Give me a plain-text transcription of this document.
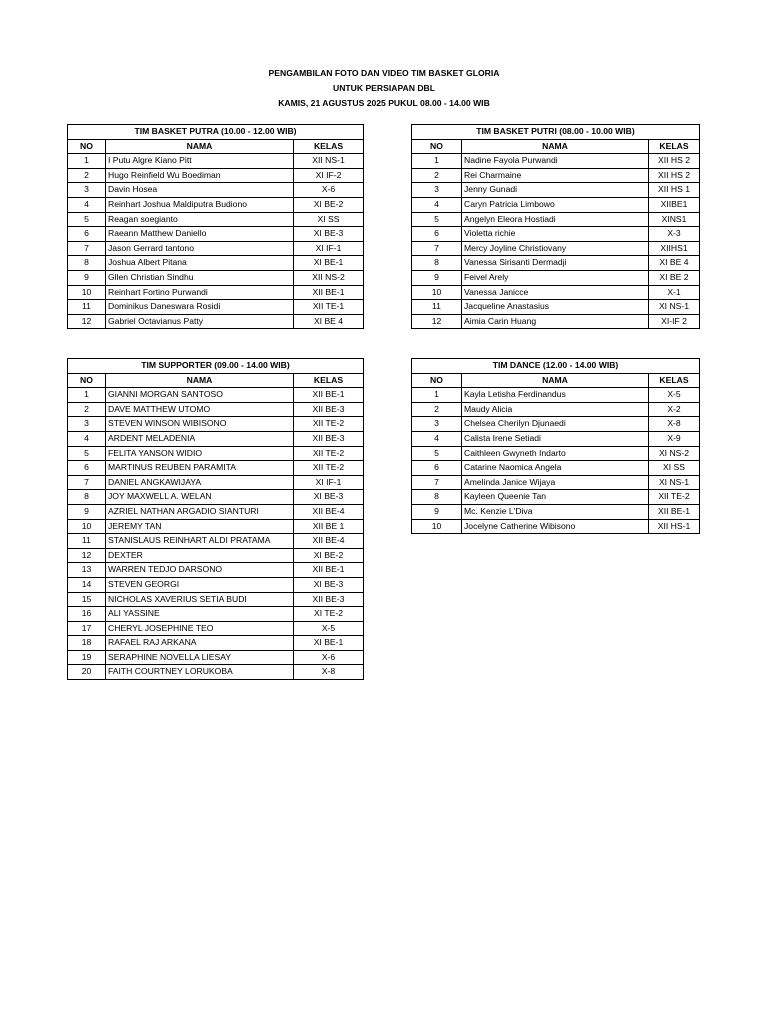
PENGAMBILAN FOTO DAN VIDEO TIM BASKET GLORIA
UNTUK PERSIAPAN DBL
KAMIS, 21 AGUSTUS 2025 PUKUL 08.00 - 14.00 WIB
TIM BASKET PUTRA (10.00 - 12.00 WIB)		
NO	NAMA	KELAS
1	I Putu Algre Kiano Pitt	XII NS-1
2	Hugo Reinfield Wu Boediman	XI IF-2
3	Davin Hosea	X-6
4	Reinhart Joshua Maldiputra Budiono	XI BE-2
5	Reagan soegianto	XI SS
6	Raeann Matthew Daniello	XI BE-3
7	Jason Gerrard tantono	XI IF-1
8	Joshua Albert Pitana	XI BE-1
9	Gllen Christian Sindhu	XII NS-2
10	Reinhart Fortino Purwandi	XII BE-1
11	Dominikus Daneswara Rosidi	XII TE-1
12	Gabriel Octavianus Patty	XI BE 4
TIM BASKET PUTRI (08.00 - 10.00 WIB)		
NO	NAMA	KELAS
1	Nadine Fayola Purwandi	XII HS 2
2	Rei Charmaine	XII HS 2
3	Jenny Gunadi	XII HS 1
4	Caryn Patricia Limbowo	XIIBE1
5	Angelyn Eleora Hostiadi	XINS1
6	Violetta richie	X-3
7	Mercy Joyline Christiovany	XIIHS1
8	Vanessa Sirisanti Dermadji	XI BE 4
9	Feivel Arely	XI BE 2
10	Vanessa Janicce	X-1
11	Jacqueline Anastasius	XI NS-1
12	Aimia Carin Huang	XI-IF 2
TIM SUPPORTER (09.00 - 14.00 WIB)		
NO	NAMA	KELAS
1	GIANNI MORGAN SANTOSO	XII BE-1
2	DAVE MATTHEW UTOMO	XII BE-3
3	STEVEN WINSON WIBISONO	XII TE-2
4	ARDENT MELADENIA	XII BE-3
5	FELITA YANSON WIDIO	XII TE-2
6	MARTINUS REUBEN PARAMITA	XII TE-2
7	DANIEL ANGKAWIJAYA	XI IF-1
8	JOY MAXWELL A. WELAN	XI BE-3
9	AZRIEL NATHAN ARGADIO SIANTURI	XII BE-4
10	JEREMY TAN	XII BE 1
11	STANISLAUS REINHART ALDI PRATAMA	XII BE-4
12	DEXTER	XI BE-2
13	WARREN TEDJO DARSONO	XII BE-1
14	STEVEN GEORGI	XI BE-3
15	NICHOLAS XAVERIUS SETIA BUDI	XII BE-3
16	ALI YASSINE	XI TE-2
17	CHERYL JOSEPHINE TEO	X-5
18	RAFAEL RAJ ARKANA	XI BE-1
19	SERAPHINE NOVELLA LIESAY	X-6
20	FAITH COURTNEY LORUKOBA	X-8
TIM DANCE (12.00 - 14.00 WIB)		
NO	NAMA	KELAS
1	Kayla Letisha Ferdinandus	X-5
2	Maudy Alicia	X-2
3	Chelsea Cherilyn Djunaedi	X-8
4	Calista Irene Setiadi	X-9
5	Caithleen Gwyneth Indarto	XI NS-2
6	Catarine Naomica Angela	XI SS
7	Amelinda Janice Wijaya	XI NS-1
8	Kayleen Queenie Tan	XII TE-2
9	Mc. Kenzie L'Diva	XII BE-1
10	Jocelyne Catherine Wibisono	XII HS-1
